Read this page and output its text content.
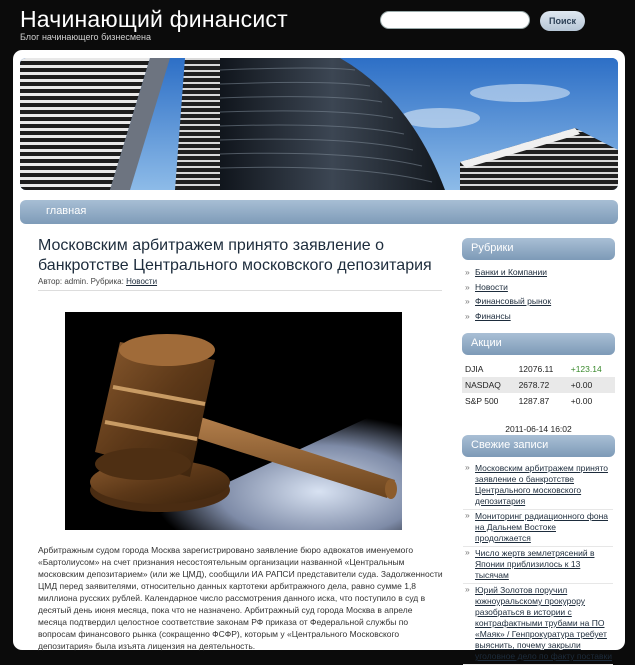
Начинающий финансист
Блог начинающего бизнесмена
Поиск
главная
Московским арбитражем принято заявление о банкротстве Центрального московского депозитария
Автор: admin. Рубрика: Новости
Арбитражным судом города Москва зарегистрировано заявление бюро адвокатов именуемого «Бартолиусом» на счет признания несостоятельным организации названной «Центральным московским депозитарием» (или же ЦМД), сообщили ИА РАПСИ представители суда. Задолженности ЦМД перед заявителями, относительно данных картотеки арбитражного дела, равно сумме 1,8 миллиона русских рублей. Календарное число рассмотрения данного иска, что поступило в суд в десятый день июня месяца, пока что не назначено. Арбитражный суд города Москва в апреле месяца подтвердил целостное соответствие законам РФ приказа от Федеральной службы по вопросам финансового рынка (сокращенно ФСФР), которым у «Центрального Московского депозитария» была изъята лицензия на деятельность.
Рубрики
» Банки и Компании
» Новости
» Финансовый рынок
» Финансы
Акции
DJIA	12076.11	+123.14
NASDAQ	2678.72	+0.00
S&P 500	1287.87	+0.00
2011-06-14 16:02
Свежие записи
» Московским арбитражем принято заявление о банкротстве Центрального московского депозитария
» Мониторинг радиационного фона на Дальнем Востоке продолжается
» Число жертв землетрясений в Японии приблизилось к 13 тысячам
» Юрий Золотов поручил южноуральскому прокурору разобраться в истории с контрафактными трубами на ПО «Маяк» / Генпрокуратура требует выяснить, почему закрыли уголовное дело по факту поставки
